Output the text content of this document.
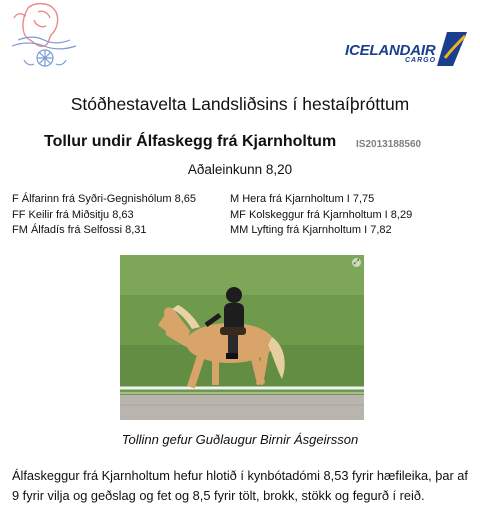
ICELANDAIR
CARGO
Stóðhestavelta Landsliðsins í hestaíþróttum
Tollur undir Álfaskegg frá Kjarnholtum IS2013188560
Aðaleinkunn 8,20
F Álfarinn frá Syðri-Gegnishólum 8,65
FF Keilir frá Miðsitju 8,63
FM Álfadís frá Selfossi 8,31
M Hera frá Kjarnholtum I 7,75
MF Kolskeggur frá Kjarnholtum I 8,29
MM Lyfting frá Kjarnholtum I 7,82
⤢
Tollinn gefur Guðlaugur Birnir Ásgeirsson
Álfaskeggur frá Kjarnholtum hefur hlotið í kynbótadómi 8,53 fyrir hæfileika, þar af 9 fyrir vilja og geðslag og fet og 8,5 fyrir tölt, brokk, stökk og fegurð í reið.
